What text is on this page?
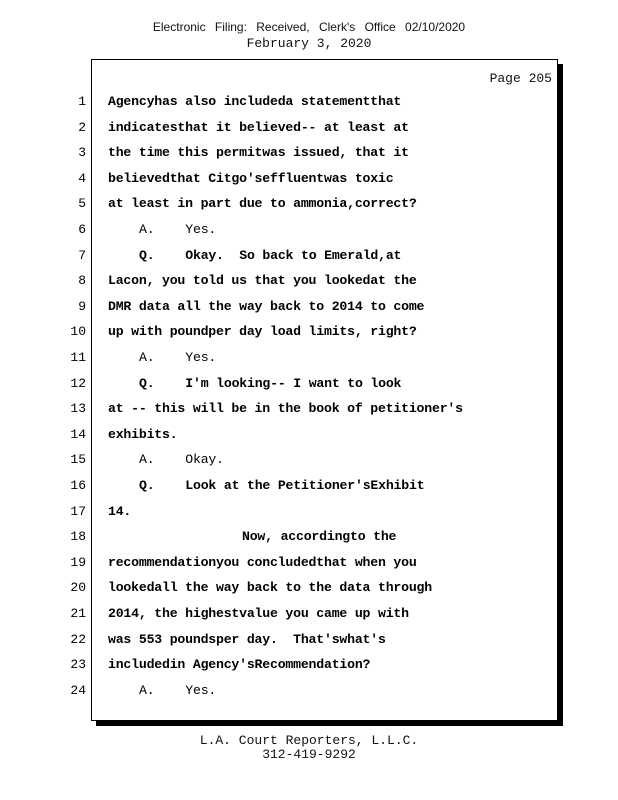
Electronic Filing: Received, Clerk's Office 02/10/2020
February 3, 2020
Page 205
1
2
3
4
5
6
7
8
9
10
11
12
13
14
15
16
17
18
19
20
21
22
23
24
Agencyhas also includeda statementthat
indicatesthat it believed-- at least at
the time this permitwas issued, that it
believedthat Citgo'seffluentwas toxic
at least in part due to ammonia,correct?
A.    Yes.
Q.    Okay.  So back to Emerald,at
Lacon, you told us that you lookedat the
DMR data all the way back to 2014 to come
up with poundper day load limits, right?
A.    Yes.
Q.    I'm looking-- I want to look
at -- this will be in the book of petitioner's
exhibits.
A.    Okay.
Q.    Look at the Petitioner'sExhibit
14.
Now, accordingto the
recommendationyou concludedthat when you
lookedall the way back to the data through
2014, the highestvalue you came up with
was 553 poundsper day.  That'swhat's
includedin Agency'sRecommendation?
A.    Yes.
L.A. Court Reporters, L.L.C.
312-419-9292
